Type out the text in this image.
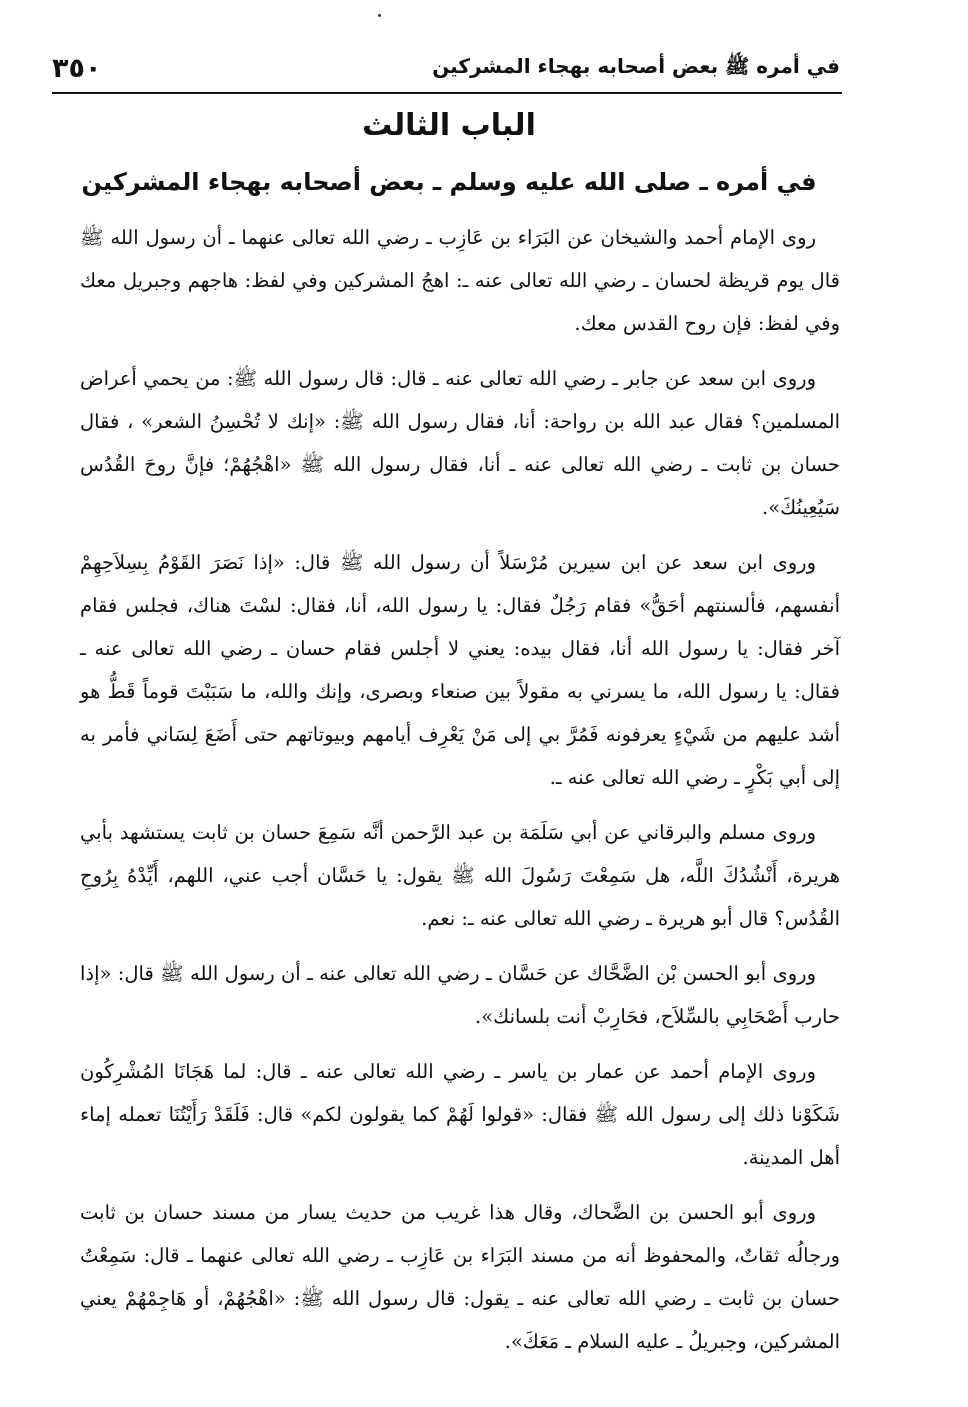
في أمره ﷺ بعض أصحابه بهجاء المشركين
٣٥٠
الباب الثالث
في أمره ـ صلى الله عليه وسلم ـ بعض أصحابه بهجاء المشركين

روى الإمام أحمد والشيخان عن البَرَاء بن عَازِب ـ رضي الله تعالى عنهما ـ أن رسول الله ﷺ قال يوم قريظة لحسان ـ رضي الله تعالى عنه ـ: اهجُ المشركين وفي لفظ: هاجهم وجبريل معك وفي لفظ: فإن روح القدس معك.

وروى ابن سعد عن جابر ـ رضي الله تعالى عنه ـ قال: قال رسول الله ﷺ: من يحمي أعراض المسلمين؟ فقال عبد الله بن رواحة: أنا، فقال رسول الله ﷺ: «إنك لا تُحْسِنُ الشعر» ، فقال حسان بن ثابت ـ رضي الله تعالى عنه ـ أنا، فقال رسول الله ﷺ «اهْجُهُمْ؛ فإنَّ روحَ القُدُس سَيُعِينُكَ».

وروى ابن سعد عن ابن سيرين مُرْسَلاً أن رسول الله ﷺ قال: «إذا نَصَرَ القَوْمُ بِسِلاَحِهِمْ أنفسهم، فألسنتهم أحَقُّ» فقام رَجُلٌ فقال: يا رسول الله، أنا، فقال: لسْتَ هناك، فجلس فقام آخر فقال: يا رسول الله أنا، فقال بيده: يعني لا أجلس فقام حسان ـ رضي الله تعالى عنه ـ فقال: يا رسول الله، ما يسرني به مقولاً بين صنعاء وبصرى، وإنك والله، ما سَبَبْتَ قوماً قَطُّ هو أشد عليهم من شَيْءٍ يعرفونه فَمُرَّ بي إلى مَنْ يَعْرِف أيامهم وبيوتاتهم حتى أَضَعَ لِسَاني فأمر به إلى أبي بَكْرٍ ـ رضي الله تعالى عنه ـ.

وروى مسلم والبرقاني عن أبي سَلَمَة بن عبد الرَّحمن أنَّه سَمِعَ حسان بن ثابت يستشهد بأبي هريرة، أَنْشُدُكَ اللَّه، هل سَمِعْتَ رَسُولَ الله ﷺ يقول: يا حَسَّان أجب عني، اللهم، أَيِّدْهُ بِرُوحِ القُدُس؟ قال أبو هريرة ـ رضي الله تعالى عنه ـ: نعم.

وروى أبو الحسن بْن الضَّحَّاك عن حَسَّان ـ رضي الله تعالى عنه ـ أن رسول الله ﷺ قال: «إذا حارب أَصْحَابِي بالسِّلاَح، فحَارِبْ أنت بلسانك».

وروى الإمام أحمد عن عمار بن ياسر ـ رضي الله تعالى عنه ـ قال: لما هَجَانَا المُشْرِكُون شَكَوْنا ذلك إلى رسول الله ﷺ فقال: «قولوا لَهُمْ كما يقولون لكم» قال: فَلَقَدْ رَأَيْتُنَا تعمله إماء أهل المدينة.

وروى أبو الحسن بن الضَّحاك، وقال هذا غريب من حديث يسار من مسند حسان بن ثابت ورجالُه ثقاتٌ، والمحفوظ أنه من مسند البَرَاء بن عَازِب ـ رضي الله تعالى عنهما ـ قال: سَمِعْتُ حسان بن ثابت ـ رضي الله تعالى عنه ـ يقول: قال رسول الله ﷺ: «اهْجُهُمْ، أو هَاجِمْهُمْ يعني المشركين، وجبريلُ ـ عليه السلام ـ مَعَكَ».
